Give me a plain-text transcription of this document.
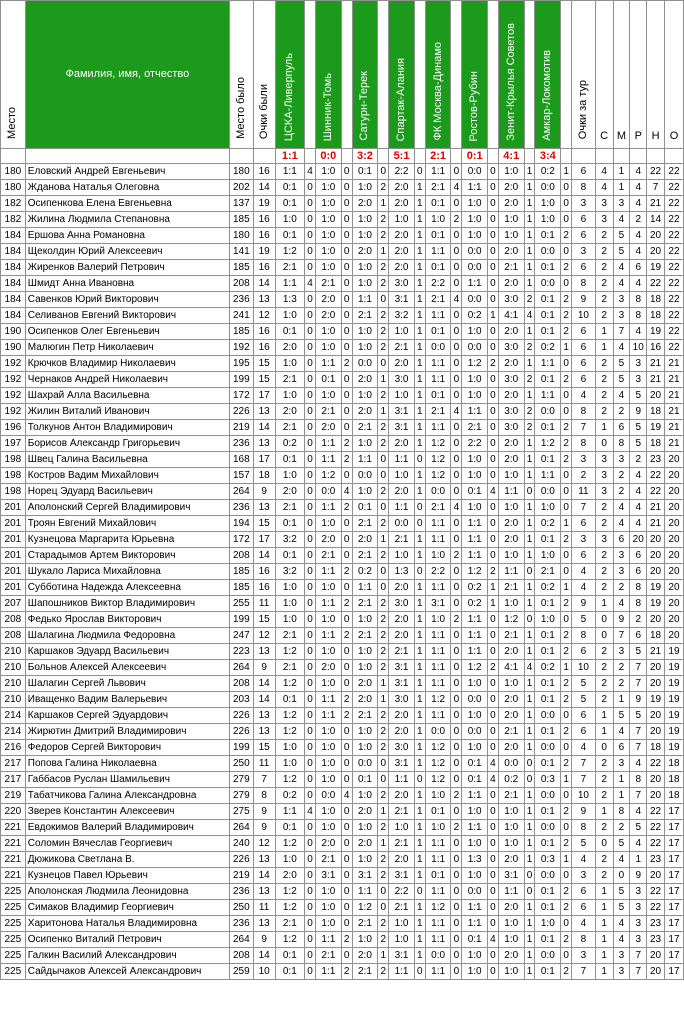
Место	Фамилия, имя, отчество	Место было	Очки были	ЦСКА-Ливерпуль		Шинник-Томь		Сатурн-Терек		Спартак-Алания		ФК Москва-Динамо		Ростов-Рубин		Зенит-Крылья Советов		Амкар-Локомотив		Очки за тур	С	М	Р	Н	О
				1:1		0:0		3:2		5:1		2:1		0:1		4:1		3:4							
180	Еловский Андрей Евгеньевич	180	16	1:1	4	1:0	0	0:1	0	2:2	0	1:1	0	0:0	0	1:0	1	0:2	1	6	4	1	4	22	22
180	Жданова Наталья Олеговна	202	14	0:1	0	1:0	0	1:0	2	2:0	1	2:1	4	1:1	0	2:0	1	0:0	0	8	4	1	4	7	22
182	Осипенкова Елена Евгеньевна	137	19	0:1	0	1:0	0	2:0	1	2:0	1	0:1	0	1:0	0	2:0	1	1:0	0	3	3	3	4	21	22
182	Жилина Людмила Степановна	185	16	1:0	0	1:0	0	1:0	2	1:0	1	1:0	2	1:0	0	1:0	1	1:0	0	6	3	4	2	14	22
184	Ершова Анна Романовна	180	16	0:1	0	1:0	0	1:0	2	2:0	1	0:1	0	1:0	0	1:0	1	0:1	2	6	2	5	4	20	22
184	Щеколдин Юрий Алексеевич	141	19	1:2	0	1:0	0	2:0	1	2:0	1	1:1	0	0:0	0	2:0	1	0:0	0	3	2	5	4	20	22
184	Жиренков Валерий Петрович	185	16	2:1	0	1:0	0	1:0	2	2:0	1	0:1	0	0:0	0	2:1	1	0:1	2	6	2	4	6	19	22
184	Шмидт Анна Ивановна	208	14	1:1	4	2:1	0	1:0	2	3:0	1	2:2	0	1:1	0	2:0	1	0:0	0	8	2	4	4	22	22
184	Савенков Юрий Викторович	236	13	1:3	0	2:0	0	1:1	0	3:1	1	2:1	4	0:0	0	3:0	2	0:1	2	9	2	3	8	18	22
184	Селиванов Евгений Викторович	241	12	1:0	0	2:0	0	2:1	2	3:2	1	1:1	0	0:2	1	4:1	4	0:1	2	10	2	3	8	18	22
190	Осипенков Олег Евгеньевич	185	16	0:1	0	1:0	0	1:0	2	1:0	1	0:1	0	1:0	0	2:0	1	0:1	2	6	1	7	4	19	22
190	Малюгин Петр Николаевич	192	16	2:0	0	1:0	0	1:0	2	2:1	1	0:0	0	0:0	0	3:0	2	0:2	1	6	1	4	10	16	22
192	Крючков Владимир Николаевич	195	15	1:0	0	1:1	2	0:0	0	2:0	1	1:1	0	1:2	2	2:0	1	1:1	0	6	2	5	3	21	21
192	Чернаков Андрей Николаевич	199	15	2:1	0	0:1	0	2:0	1	3:0	1	1:1	0	1:0	0	3:0	2	0:1	2	6	2	5	3	21	21
192	Шахрай Алла Васильевна	172	17	1:0	0	1:0	0	1:0	2	1:0	1	0:1	0	1:0	0	2:0	1	1:1	0	4	2	4	5	20	21
192	Жилин Виталий Иванович	226	13	2:0	0	2:1	0	2:0	1	3:1	1	2:1	4	1:1	0	3:0	2	0:0	0	8	2	2	9	18	21
196	Толкунов Антон Владимирович	219	14	2:1	0	2:0	0	2:1	2	3:1	1	1:1	0	2:1	0	3:0	2	0:1	2	7	1	6	5	19	21
197	Борисов Александр Григорьевич	236	13	0:2	0	1:1	2	1:0	2	2:0	1	1:2	0	2:2	0	2:0	1	1:2	2	8	0	8	5	18	21
198	Швец Галина Васильевна	168	17	0:1	0	1:1	2	1:1	0	1:1	0	1:2	0	1:0	0	2:0	1	0:1	2	3	3	3	2	23	20
198	Костров Вадим Михайлович	157	18	1:0	0	1:2	0	0:0	0	1:0	1	1:2	0	1:0	0	1:0	1	1:1	0	2	3	2	4	22	20
198	Норец Эдуард Васильевич	264	9	2:0	0	0:0	4	1:0	2	2:0	1	0:0	0	0:1	4	1:1	0	0:0	0	11	3	2	4	22	20
201	Аполонский Сергей Владимирович	236	13	2:1	0	1:1	2	0:1	0	1:1	0	2:1	4	1:0	0	1:0	1	1:0	0	7	2	4	4	21	20
201	Троян Евгений Михайлович	194	15	0:1	0	1:0	0	2:1	2	0:0	0	1:1	0	1:1	0	2:0	1	0:2	1	6	2	4	4	21	20
201	Кузнецова Маргарита Юрьевна	172	17	3:2	0	2:0	0	2:0	1	2:1	1	1:1	0	1:1	0	2:0	1	0:1	2	3	3	6	20	20	20
201	Старадымов Артем Викторович	208	14	0:1	0	2:1	0	2:1	2	1:0	1	1:0	2	1:1	0	1:0	1	1:0	0	6	2	3	6	20	20
201	Шукало Лариса Михайловна	185	16	3:2	0	1:1	2	0:2	0	1:3	0	2:2	0	1:2	2	1:1	0	2:1	0	4	2	3	6	20	20
201	Субботина Надежда Алексеевна	185	16	1:0	0	1:0	0	1:1	0	2:0	1	1:1	0	0:2	1	2:1	1	0:2	1	4	2	2	8	19	20
207	Шапошников Виктор Владимирович	255	11	1:0	0	1:1	2	2:1	2	3:0	1	3:1	0	0:2	1	1:0	1	0:1	2	9	1	4	8	19	20
208	Федько Ярослав Викторович	199	15	1:0	0	1:0	0	1:0	2	2:0	1	1:0	2	1:1	0	1:2	0	1:0	0	5	0	9	2	20	20
208	Шалагина Людмила Федоровна	247	12	2:1	0	1:1	2	2:1	2	2:0	1	1:1	0	1:1	0	2:1	1	0:1	2	8	0	7	6	18	20
210	Каршаков Эдуард Васильевич	223	13	1:2	0	1:0	0	1:0	2	2:1	1	1:1	0	1:1	0	2:0	1	0:1	2	6	2	3	5	21	19
210	Больнов Алексей Алексеевич	264	9	2:1	0	2:0	0	1:0	2	3:1	1	1:1	0	1:2	2	4:1	4	0:2	1	10	2	2	7	20	19
210	Шалагин Сергей Львович	208	14	1:2	0	1:0	0	2:0	1	3:1	1	1:1	0	1:0	0	1:0	1	0:1	2	5	2	2	7	20	19
210	Иващенко Вадим Валерьевич	203	14	0:1	0	1:1	2	2:0	1	3:0	1	1:2	0	0:0	0	2:0	1	0:1	2	5	2	1	9	19	19
214	Каршаков Сергей Эдуардович	226	13	1:2	0	1:1	2	2:1	2	2:0	1	1:1	0	1:0	0	2:0	1	0:0	0	6	1	5	5	20	19
214	Жирютин Дмитрий Владимирович	226	13	1:2	0	1:0	0	1:0	2	2:0	1	0:0	0	0:0	0	2:1	1	0:1	2	6	1	4	7	20	19
216	Федоров Сергей Викторович	199	15	1:0	0	1:0	0	1:0	2	3:0	1	1:2	0	1:0	0	2:0	1	0:0	0	4	0	6	7	18	19
217	Попова Галина Николаевна	250	11	1:0	0	1:0	0	0:0	0	3:1	1	1:2	0	0:1	4	0:0	0	0:1	2	7	2	3	4	22	18
217	Габбасов Руслан Шамильевич	279	7	1:2	0	1:0	0	0:1	0	1:1	0	1:2	0	0:1	4	0:2	0	0:3	1	7	2	1	8	20	18
219	Табатчикова Галина Александровна	279	8	0:2	0	0:0	4	1:0	2	2:0	1	1:0	2	1:1	0	2:1	1	0:0	0	10	2	1	7	20	18
220	Зверев Константин Алексеевич	275	9	1:1	4	1:0	0	2:0	1	2:1	1	0:1	0	1:0	0	1:0	1	0:1	2	9	1	8	4	22	17
221	Евдокимов Валерий Владимирович	264	9	0:1	0	1:0	0	1:0	2	1:0	1	1:0	2	1:1	0	1:0	1	0:0	0	8	2	2	5	22	17
221	Соломин Вячеслав Георгиевич	240	12	1:2	0	2:0	0	2:0	1	2:1	1	1:1	0	1:0	0	1:0	1	0:1	2	5	0	5	4	22	17
221	Дюжикова Светлана В.	226	13	1:0	0	2:1	0	1:0	2	2:0	1	1:1	0	1:3	0	2:0	1	0:3	1	4	2	4	1	23	17
221	Кузнецов Павел Юрьевич	219	14	2:0	0	3:1	0	3:1	2	3:1	1	0:1	0	1:0	0	3:1	0	0:0	0	3	2	0	9	20	17
225	Аполонская Людмила Леонидовна	236	13	1:2	0	1:0	0	1:1	0	2:2	0	1:1	0	0:0	0	1:1	0	0:1	2	6	1	5	3	22	17
225	Симаков Владимир Георгиевич	250	11	1:2	0	1:0	0	1:2	0	2:1	1	1:2	0	1:1	0	2:0	1	0:1	2	6	1	5	3	22	17
225	Харитонова Наталья Владимировна	236	13	2:1	0	1:0	0	2:1	2	1:0	1	1:1	0	1:1	0	1:0	1	1:0	0	4	1	4	3	23	17
225	Осипенко Виталий Петрович	264	9	1:2	0	1:1	2	1:0	2	1:0	1	1:1	0	0:1	4	1:0	1	0:1	2	8	1	4	3	23	17
225	Галкин Василий Александрович	208	14	0:1	0	2:1	0	2:0	1	3:1	1	0:0	0	1:0	0	2:0	1	0:0	0	3	1	3	7	20	17
225	Сайдычаков Алексей Александрович	259	10	0:1	0	1:1	2	2:1	2	1:1	0	1:1	0	1:0	0	1:0	1	0:1	2	7	1	3	7	20	17
